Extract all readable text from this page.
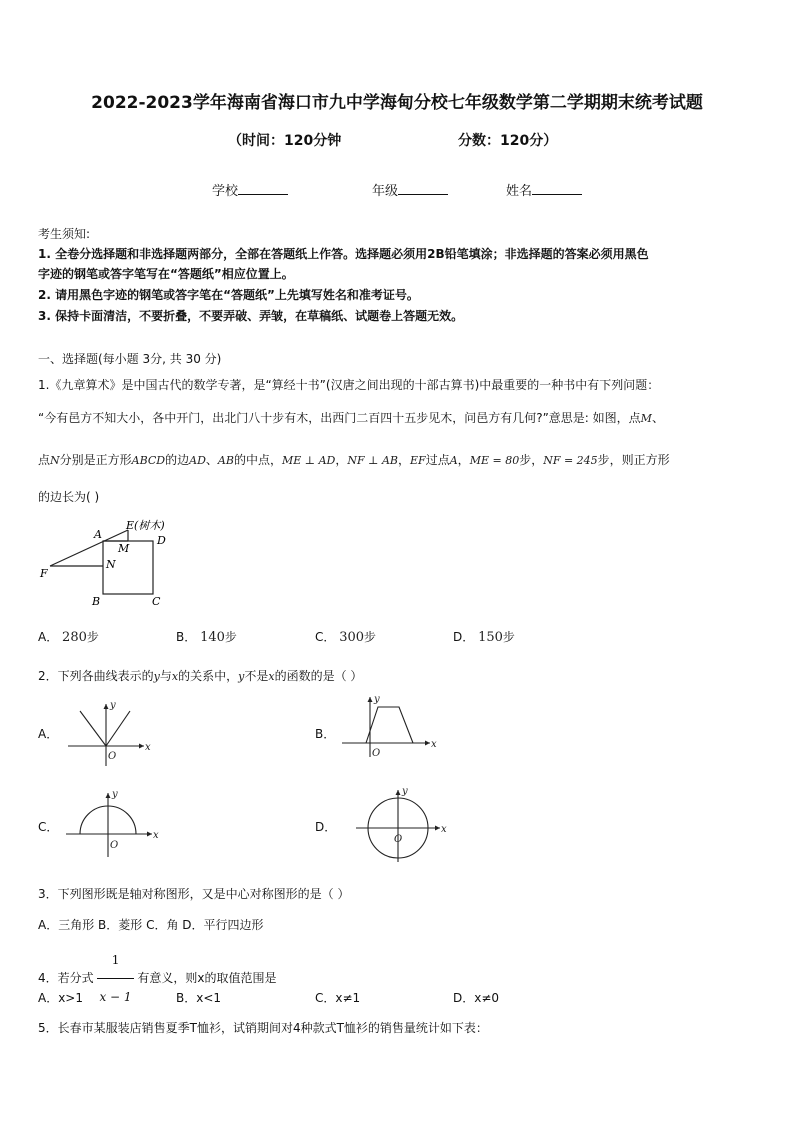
2022-2023学年海南省海口市九中学海甸分校七年级数学第二学期期末统考试题
（时间：120分钟	分数：120分）
学校	年级	姓名
考生须知:
1. 全卷分选择题和非选择题两部分，全部在答题纸上作答。选择题必须用2B铅笔填涂；非选择题的答案必须用黑色
字迹的钢笔或答字笔写在“答题纸”相应位置上。
2. 请用黑色字迹的钢笔或答字笔在“答题纸”上先填写姓名和准考证号。
3. 保持卡面清洁，不要折叠，不要弄破、弄皱，在草稿纸、试题卷上答题无效。
一、选择题(每小题 3分, 共 30 分)
1.《九章算术》是中国古代的数学专著，是“算经十书”(汉唐之间出现的十部古算书)中最重要的一种书中有下列问题：
“今有邑方不知大小，各中开门，出北门八十步有木，出西门二百四十五步见木，问邑方有几何?”意思是: 如图，点M、
点N分别是正方形ABCD的边AD、AB的中点，ME ⊥ AD，NF ⊥ AB，EF过点A，ME = 80步，NF = 245步，则正方形
的边长为( )
A
E(树木)
M
D
F
N
B	C
A． 280步	B． 140步	C． 300步	D． 150步
2．下列各曲线表示的y与x的关系中，y不是x的函数的是（ ）
A．	B．
C．	D．
x
y
O
x
y
O
x
y
O
x
y
O
3．下列图形既是轴对称图形，又是中心对称图形的是（ ）
A．三角形 B．菱形 C．角 D．平行四边形
4．若分式 $\frac{1}{x - 1}$ 有意义，则x的取值范围是
A．x>1	B．x<1	C．x≠1	D．x≠0
5．长春市某服装店销售夏季T恤衫，试销期间对4种款式T恤衫的销售量统计如下表：
